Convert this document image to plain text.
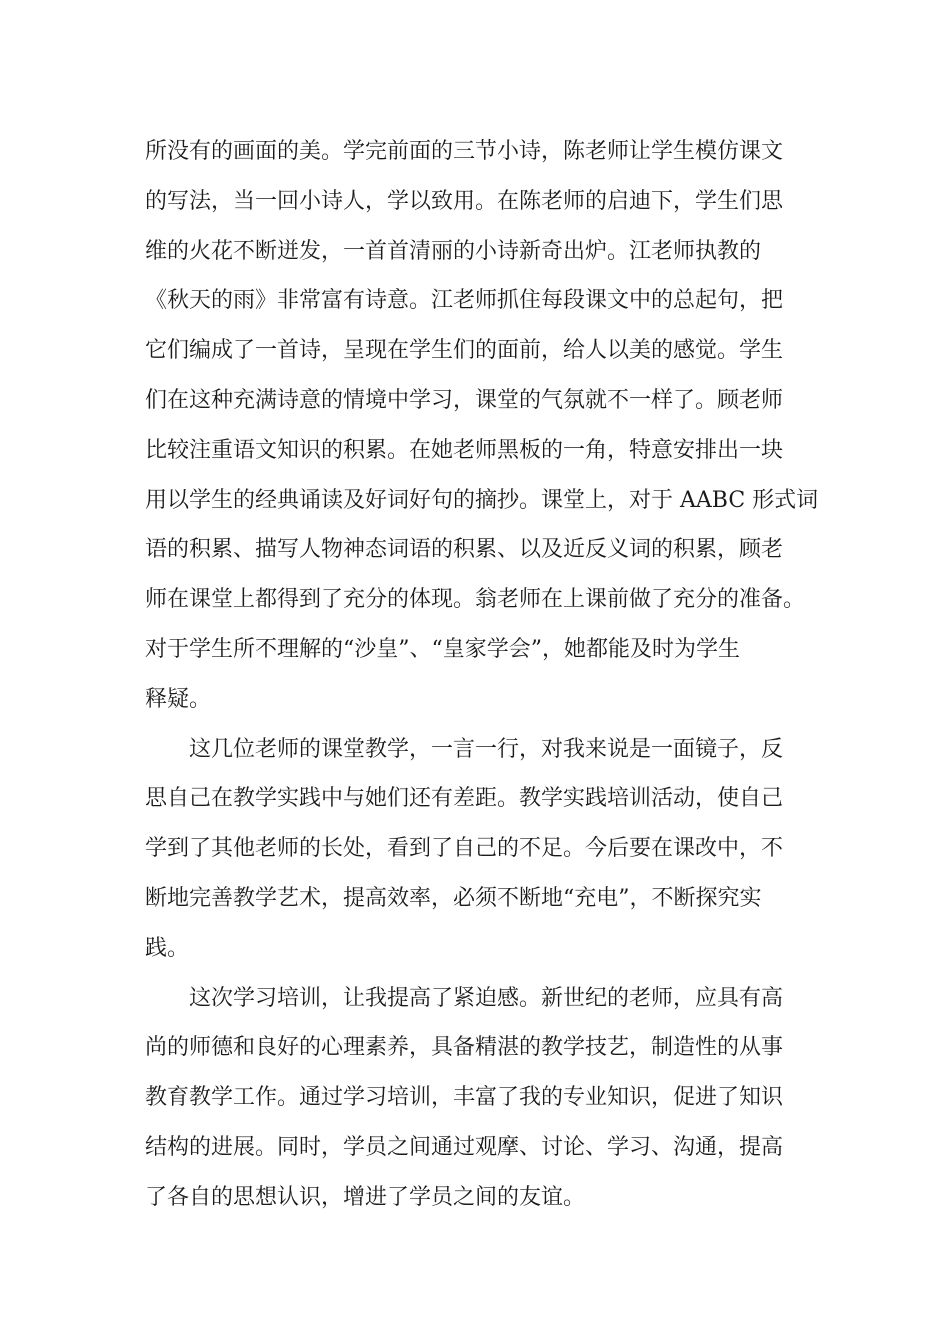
所没有的画面的美。学完前面的三节小诗，陈老师让学生模仿课文
的写法，当一回小诗人，学以致用。在陈老师的启迪下，学生们思
维的火花不断迸发，一首首清丽的小诗新奇出炉。江老师执教的
《秋天的雨》非常富有诗意。江老师抓住每段课文中的总起句，把
它们编成了一首诗，呈现在学生们的面前，给人以美的感觉。学生
们在这种充满诗意的情境中学习，课堂的气氛就不一样了。顾老师
比较注重语文知识的积累。在她老师黑板的一角，特意安排出一块
用以学生的经典诵读及好词好句的摘抄。课堂上，对于 AABC 形式词
语的积累、描写人物神态词语的积累、以及近反义词的积累，顾老
师在课堂上都得到了充分的体现。翁老师在上课前做了充分的准备。
对于学生所不理解的“沙皇”、“皇家学会”，她都能及时为学生
释疑。
这几位老师的课堂教学，一言一行，对我来说是一面镜子，反
思自己在教学实践中与她们还有差距。教学实践培训活动，使自己
学到了其他老师的长处，看到了自己的不足。今后要在课改中，不
断地完善教学艺术，提高效率，必须不断地“充电”，不断探究实
践。
这次学习培训，让我提高了紧迫感。新世纪的老师，应具有高
尚的师德和良好的心理素养，具备精湛的教学技艺，制造性的从事
教育教学工作。通过学习培训，丰富了我的专业知识，促进了知识
结构的进展。同时，学员之间通过观摩、讨论、学习、沟通，提高
了各自的思想认识，增进了学员之间的友谊。
